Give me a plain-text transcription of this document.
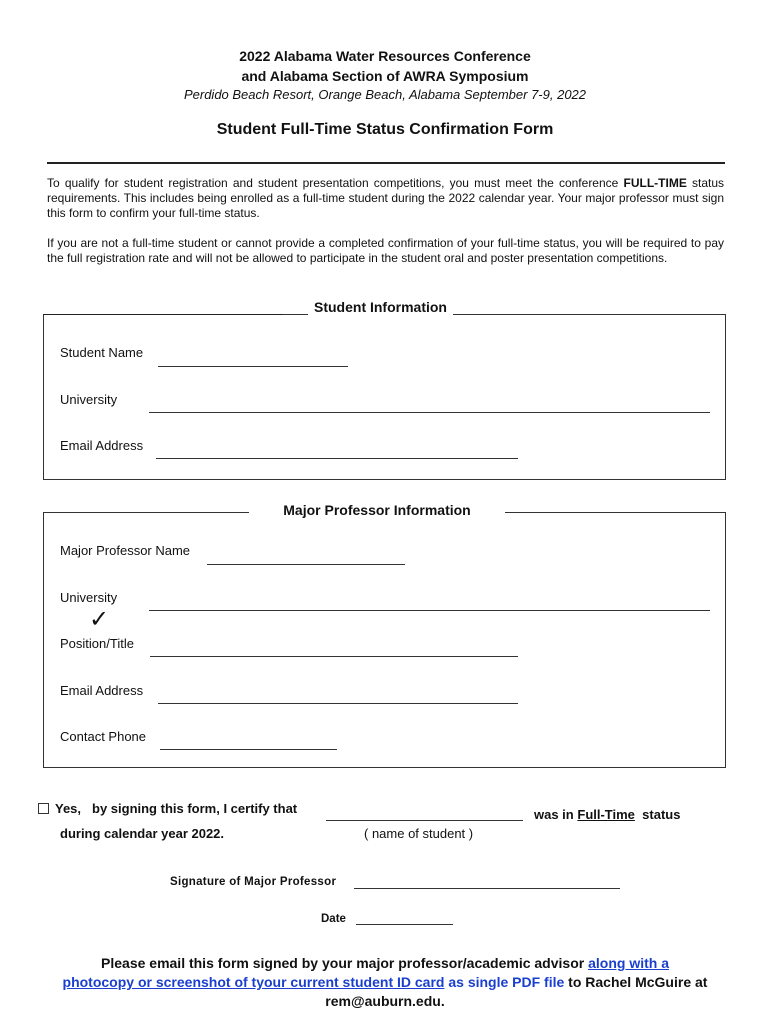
2022 Alabama Water Resources Conference
and Alabama Section of AWRA Symposium
Perdido Beach Resort, Orange Beach, Alabama September 7-9, 2022
Student Full-Time Status Confirmation Form
To qualify for student registration and student presentation competitions, you must meet the conference FULL-TIME status requirements. This includes being enrolled as a full-time student during the 2022 calendar year. Your major professor must sign this form to confirm your full-time status.
If you are not a full-time student or cannot provide a completed confirmation of your full-time status, you will be required to pay the full registration rate and will not be allowed to participate in the student oral and poster presentation competitions.
Student Information
Student Name
University
Email Address
Major Professor Information
Major Professor Name
University
✓
Position/Title
Email Address
Contact Phone
Yes, by signing this form, I certify that	was in Full-Time status
during calendar year 2022.	( name of student )
Signature of Major Professor
Date
Please email this form signed by your major professor/academic advisor along with a
photocopy or screenshot of tyour current student ID card as single PDF file to Rachel McGuire at
rem@auburn.edu.
